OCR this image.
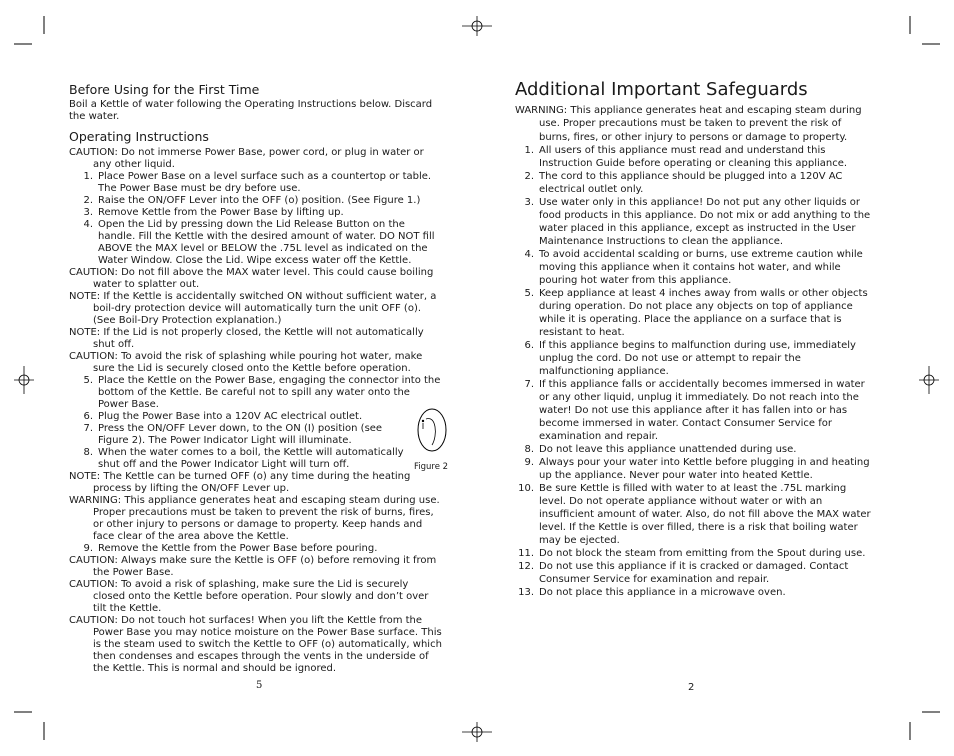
Before Using for the First Time

Boil a Kettle of water following the Operating Instructions below. Discard the water.

Operating Instructions
CAUTION: Do not immerse Power Base, power cord, or plug in water or any other liquid.
1. Place Power Base on a level surface such as a countertop or table. The Power Base must be dry before use.
2. Raise the ON/OFF Lever into the OFF (o) position. (See Figure 1.)
3. Remove Kettle from the Power Base by lifting up.
4. Open the Lid by pressing down the Lid Release Button on the handle. Fill the Kettle with the desired amount of water. DO NOT fill ABOVE the MAX level or BELOW the .75L level as indicated on the Water Window. Close the Lid. Wipe excess water off the Kettle.
CAUTION: Do not fill above the MAX water level. This could cause boiling water to splatter out.
NOTE: If the Kettle is accidentally switched ON without sufficient water, a boil-dry protection device will automatically turn the unit OFF (o). (See Boil-Dry Protection explanation.)
NOTE: If the Lid is not properly closed, the Kettle will not automatically shut off.
CAUTION: To avoid the risk of splashing while pouring hot water, make sure the Lid is securely closed onto the Kettle before operation.
5. Place the Kettle on the Power Base, engaging the connector into the bottom of the Kettle. Be careful not to spill any water onto the Power Base.
6. Plug the Power Base into a 120V AC electrical outlet.
7. Press the ON/OFF Lever down, to the ON (I) position (see Figure 2). The Power Indicator Light will illuminate.
8. When the water comes to a boil, the Kettle will automatically shut off and the Power Indicator Light will turn off.
NOTE: The Kettle can be turned OFF (o) any time during the heating process by lifting the ON/OFF Lever up.
WARNING: This appliance generates heat and escaping steam during use. Proper precautions must be taken to prevent the risk of burns, fires, or other injury to persons or damage to property. Keep hands and face clear of the area above the Kettle.
9. Remove the Kettle from the Power Base before pouring.
CAUTION: Always make sure the Kettle is OFF (o) before removing it from the Power Base.
CAUTION: To avoid a risk of splashing, make sure the Lid is securely closed onto the Kettle before operation. Pour slowly and don’t over tilt the Kettle.
CAUTION: Do not touch hot surfaces! When you lift the Kettle from the Power Base you may notice moisture on the Power Base surface. This is the steam used to switch the Kettle to OFF (o) automatically, which then condenses and escapes through the vents in the underside of the Kettle. This is normal and should be ignored.
Figure 2
5
Additional Important Safeguards
WARNING: This appliance generates heat and escaping steam during use. Proper precautions must be taken to prevent the risk of burns, fires, or other injury to persons or damage to property.
1. All users of this appliance must read and understand this Instruction Guide before operating or cleaning this appliance.
2. The cord to this appliance should be plugged into a 120V AC electrical outlet only.
3. Use water only in this appliance! Do not put any other liquids or food products in this appliance. Do not mix or add anything to the water placed in this appliance, except as instructed in the User Maintenance Instructions to clean the appliance.
4. To avoid accidental scalding or burns, use extreme caution while moving this appliance when it contains hot water, and while pouring hot water from this appliance.
5. Keep appliance at least 4 inches away from walls or other objects during operation. Do not place any objects on top of appliance while it is operating. Place the appliance on a surface that is resistant to heat.
6. If this appliance begins to malfunction during use, immediately unplug the cord. Do not use or attempt to repair the malfunctioning appliance.
7. If this appliance falls or accidentally becomes immersed in water or any other liquid, unplug it immediately. Do not reach into the water! Do not use this appliance after it has fallen into or has become immersed in water. Contact Consumer Service for examination and repair.
8. Do not leave this appliance unattended during use.
9. Always pour your water into Kettle before plugging in and heating up the appliance. Never pour water into heated Kettle.
10. Be sure Kettle is filled with water to at least the .75L marking level. Do not operate appliance without water or with an insufficient amount of water. Also, do not fill above the MAX water level. If the Kettle is over filled, there is a risk that boiling water may be ejected.
11. Do not block the steam from emitting from the Spout during use.
12. Do not use this appliance if it is cracked or damaged. Contact Consumer Service for examination and repair.
13. Do not place this appliance in a microwave oven.
2
